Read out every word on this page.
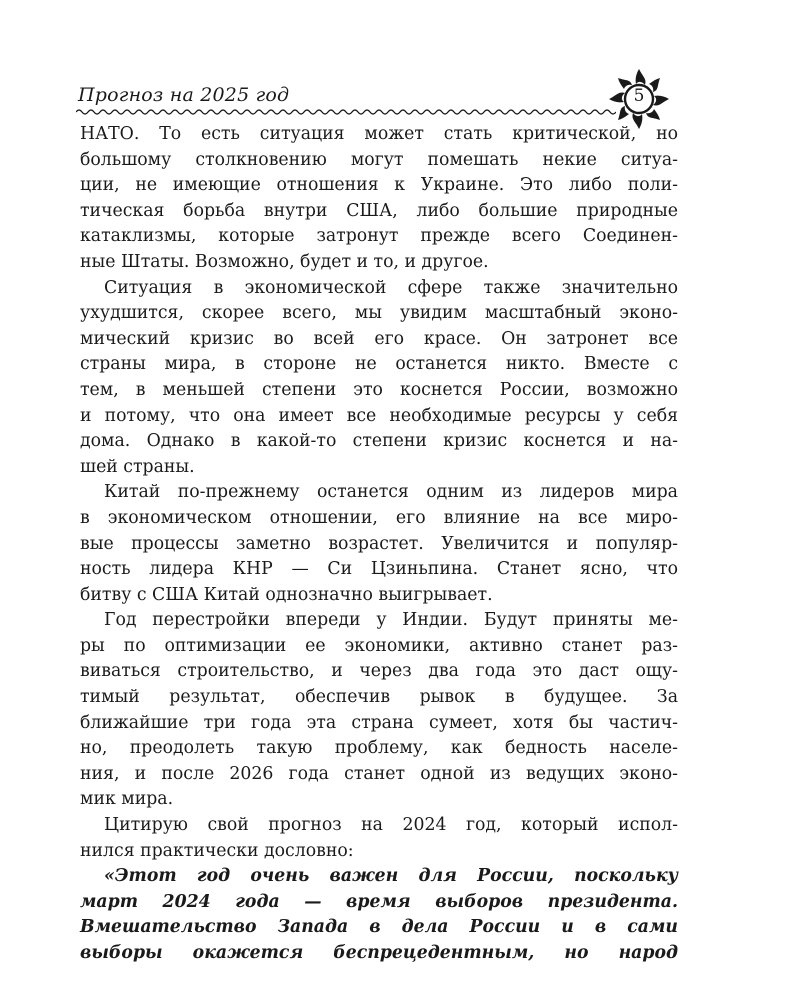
Прогноз на 2025 год	5
НАТО. То есть ситуация может стать критической, но
большому столкновению могут помешать некие ситуа-
ции, не имеющие отношения к Украине. Это либо поли-
тическая борьба внутри США, либо большие природные
катаклизмы, которые затронут прежде всего Соединен-
ные Штаты. Возможно, будет и то, и другое.
Ситуация в экономической сфере также значительно
ухудшится, скорее всего, мы увидим масштабный эконо-
мический кризис во всей его красе. Он затронет все
страны мира, в стороне не останется никто. Вместе с
тем, в меньшей степени это коснется России, возможно
и потому, что она имеет все необходимые ресурсы у себя
дома. Однако в какой-то степени кризис коснется и на-
шей страны.
Китай по-прежнему останется одним из лидеров мира
в экономическом отношении, его влияние на все миро-
вые процессы заметно возрастет. Увеличится и популяр-
ность лидера КНР — Си Цзиньпина. Станет ясно, что
битву с США Китай однозначно выигрывает.
Год перестройки впереди у Индии. Будут приняты ме-
ры по оптимизации ее экономики, активно станет раз-
виваться строительство, и через два года это даст ощу-
тимый результат, обеспечив рывок в будущее. За
ближайшие три года эта страна сумеет, хотя бы частич-
но, преодолеть такую проблему, как бедность населе-
ния, и после 2026 года станет одной из ведущих эконо-
мик мира.
Цитирую свой прогноз на 2024 год, который испол-
нился практически дословно:
«Этот год очень важен для России, поскольку
март 2024 года — время выборов президента.
Вмешательство Запада в дела России и в сами
выборы окажется беспрецедентным, но народ
